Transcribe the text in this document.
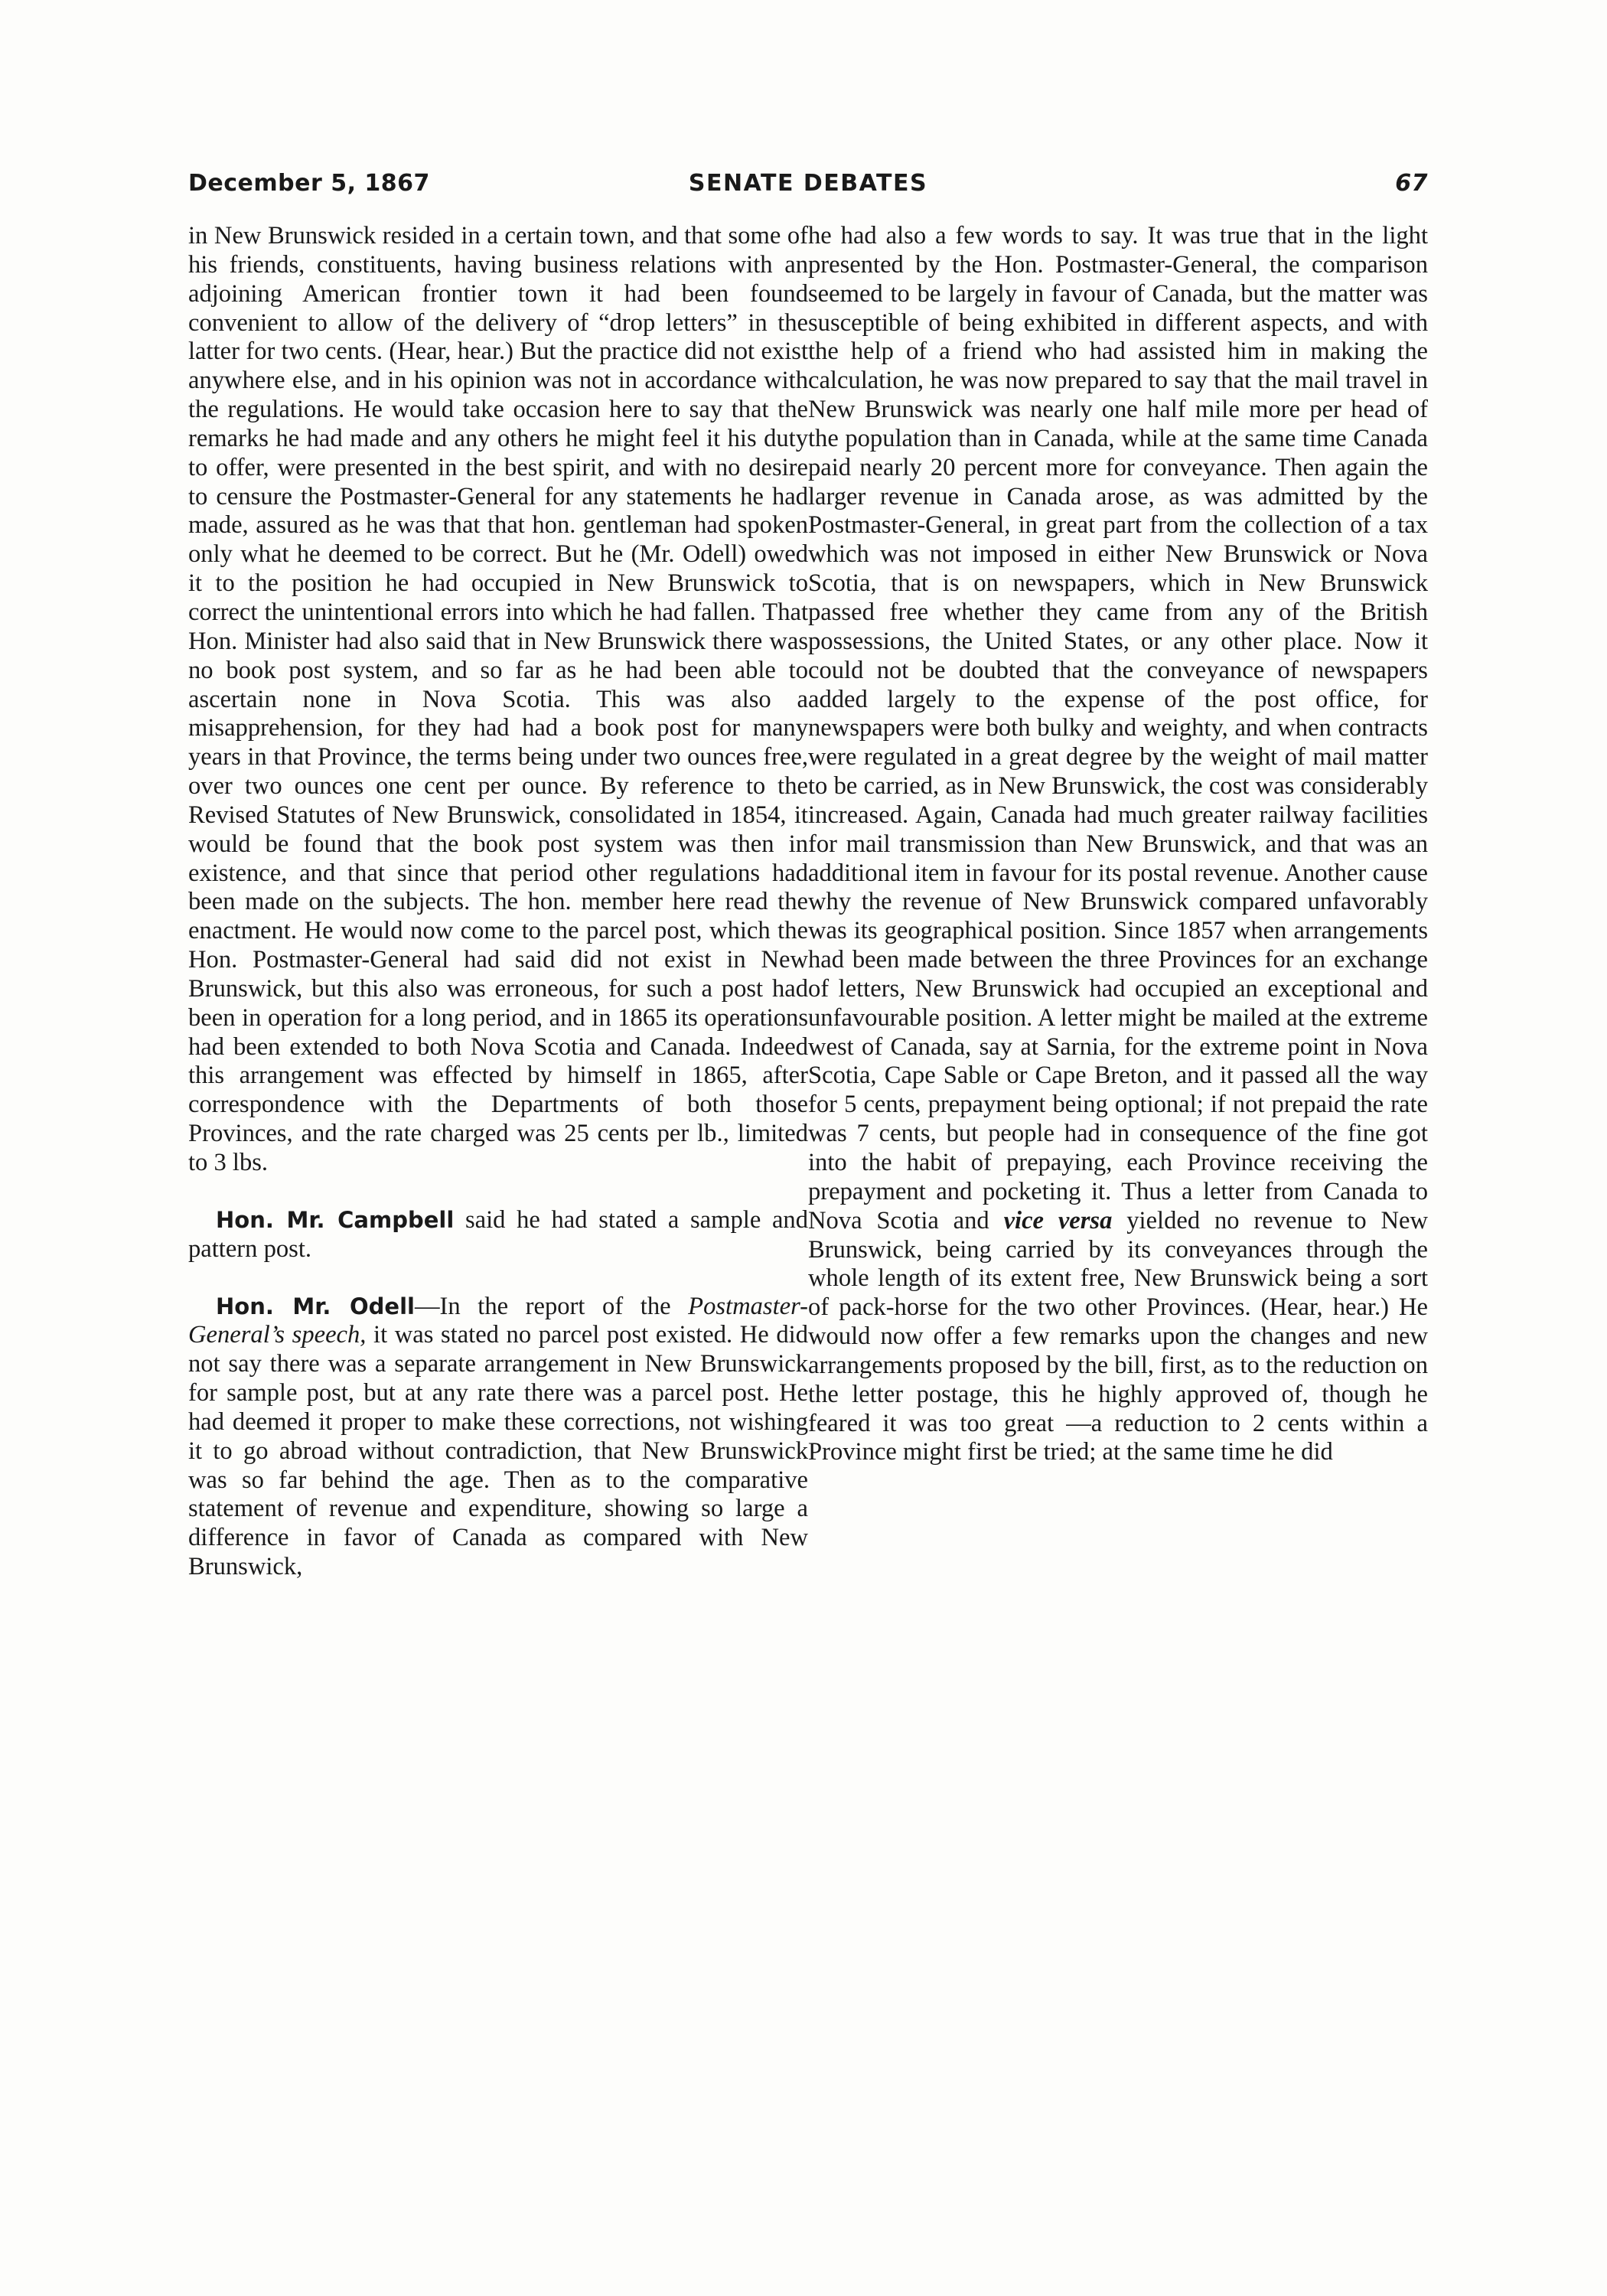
December 5, 1867	SENATE DEBATES	67

in New Brunswick resided in a certain town, and that some of his friends, constituents, having business relations with an adjoining American frontier town it had been found convenient to allow of the delivery of “drop letters” in the latter for two cents. (Hear, hear.) But the practice did not exist anywhere else, and in his opinion was not in accordance with the regulations. He would take occasion here to say that the remarks he had made and any others he might feel it his duty to offer, were presented in the best spirit, and with no desire to censure the Postmaster-General for any statements he had made, assured as he was that that hon. gentleman had spoken only what he deemed to be correct. But he (Mr. Odell) owed it to the position he had occupied in New Brunswick to correct the unintentional errors into which he had fallen. That Hon. Minister had also said that in New Brunswick there was no book post system, and so far as he had been able to ascertain none in Nova Scotia. This was also a misapprehension, for they had had a book post for many years in that Province, the terms being under two ounces free, over two ounces one cent per ounce. By reference to the Revised Statutes of New Brunswick, consolidated in 1854, it would be found that the book post system was then in existence, and that since that period other regulations had been made on the subjects. The hon. member here read the enactment. He would now come to the parcel post, which the Hon. Postmaster-General had said did not exist in New Brunswick, but this also was erroneous, for such a post had been in operation for a long period, and in 1865 its operations had been extended to both Nova Scotia and Canada. Indeed this arrangement was effected by himself in 1865, after correspondence with the Departments of both those Provinces, and the rate charged was 25 cents per lb., limited to 3 lbs.

Hon. Mr. Campbell said he had stated a sample and pattern post.

Hon. Mr. Odell—In the report of the Postmaster-General’s speech, it was stated no parcel post existed. He did not say there was a separate arrangement in New Brunswick for sample post, but at any rate there was a parcel post. He had deemed it proper to make these corrections, not wishing it to go abroad without contradiction, that New Brunswick was so far behind the age. Then as to the comparative statement of revenue and expenditure, showing so large a difference in favor of Canada as compared with New Brunswick,

he had also a few words to say. It was true that in the light presented by the Hon. Postmaster-General, the comparison seemed to be largely in favour of Canada, but the matter was susceptible of being exhibited in different aspects, and with the help of a friend who had assisted him in making the calculation, he was now prepared to say that the mail travel in New Brunswick was nearly one half mile more per head of the population than in Canada, while at the same time Canada paid nearly 20 percent more for conveyance. Then again the larger revenue in Canada arose, as was admitted by the Postmaster-General, in great part from the collection of a tax which was not imposed in either New Brunswick or Nova Scotia, that is on newspapers, which in New Brunswick passed free whether they came from any of the British possessions, the United States, or any other place. Now it could not be doubted that the conveyance of newspapers added largely to the expense of the post office, for newspapers were both bulky and weighty, and when contracts were regulated in a great degree by the weight of mail matter to be carried, as in New Brunswick, the cost was considerably increased. Again, Canada had much greater railway facilities for mail transmission than New Brunswick, and that was an additional item in favour for its postal revenue. Another cause why the revenue of New Brunswick compared unfavorably was its geographical position. Since 1857 when arrangements had been made between the three Provinces for an exchange of letters, New Brunswick had occupied an exceptional and unfavourable position. A letter might be mailed at the extreme west of Canada, say at Sarnia, for the extreme point in Nova Scotia, Cape Sable or Cape Breton, and it passed all the way for 5 cents, prepayment being optional; if not prepaid the rate was 7 cents, but people had in consequence of the fine got into the habit of prepaying, each Province receiving the prepayment and pocketing it. Thus a letter from Canada to Nova Scotia and vice versa yielded no revenue to New Brunswick, being carried by its conveyances through the whole length of its extent free, New Brunswick being a sort of pack-horse for the two other Provinces. (Hear, hear.) He would now offer a few remarks upon the changes and new arrangements proposed by the bill, first, as to the reduction on the letter postage, this he highly approved of, though he feared it was too great —a reduction to 2 cents within a Province might first be tried; at the same time he did
